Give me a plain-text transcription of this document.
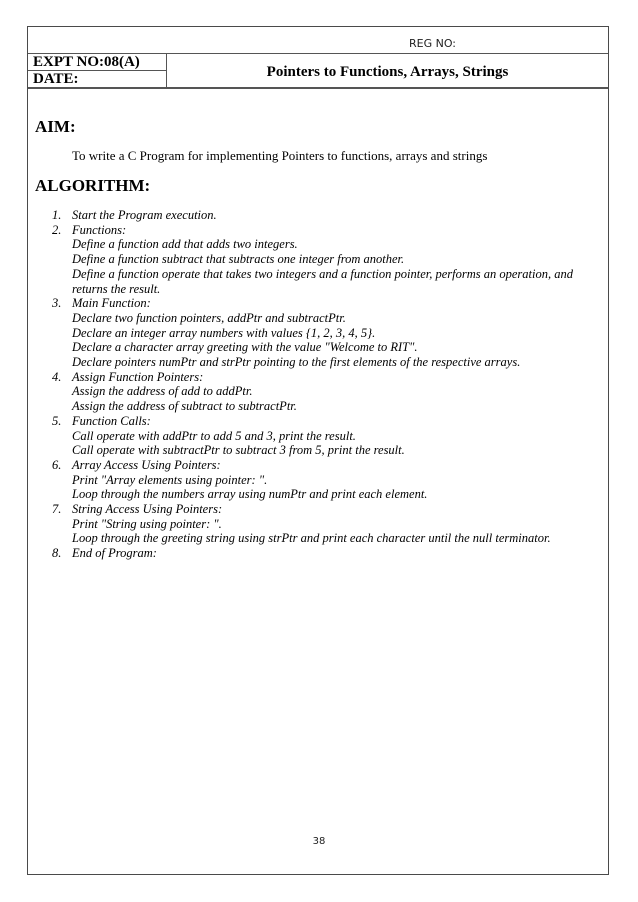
REG NO:
EXPT NO:08(A)
DATE:	Pointers to Functions, Arrays, Strings
AIM:
To write a C Program for implementing Pointers to functions, arrays and strings
ALGORITHM:
1. Start the Program execution.
2. Functions:
Define a function add that adds two integers.
Define a function subtract that subtracts one integer from another.
Define a function operate that takes two integers and a function pointer, performs an operation, and
returns the result.
3. Main Function:
Declare two function pointers, addPtr and subtractPtr.
Declare an integer array numbers with values {1, 2, 3, 4, 5}.
Declare a character array greeting with the value "Welcome to RIT".
Declare pointers numPtr and strPtr pointing to the first elements of the respective arrays.
4. Assign Function Pointers:
Assign the address of add to addPtr.
Assign the address of subtract to subtractPtr.
5. Function Calls:
Call operate with addPtr to add 5 and 3, print the result.
Call operate with subtractPtr to subtract 3 from 5, print the result.
6. Array Access Using Pointers:
Print "Array elements using pointer: ".
Loop through the numbers array using numPtr and print each element.
7. String Access Using Pointers:
Print "String using pointer: ".
Loop through the greeting string using strPtr and print each character until the null terminator.
8. End of Program:
38
